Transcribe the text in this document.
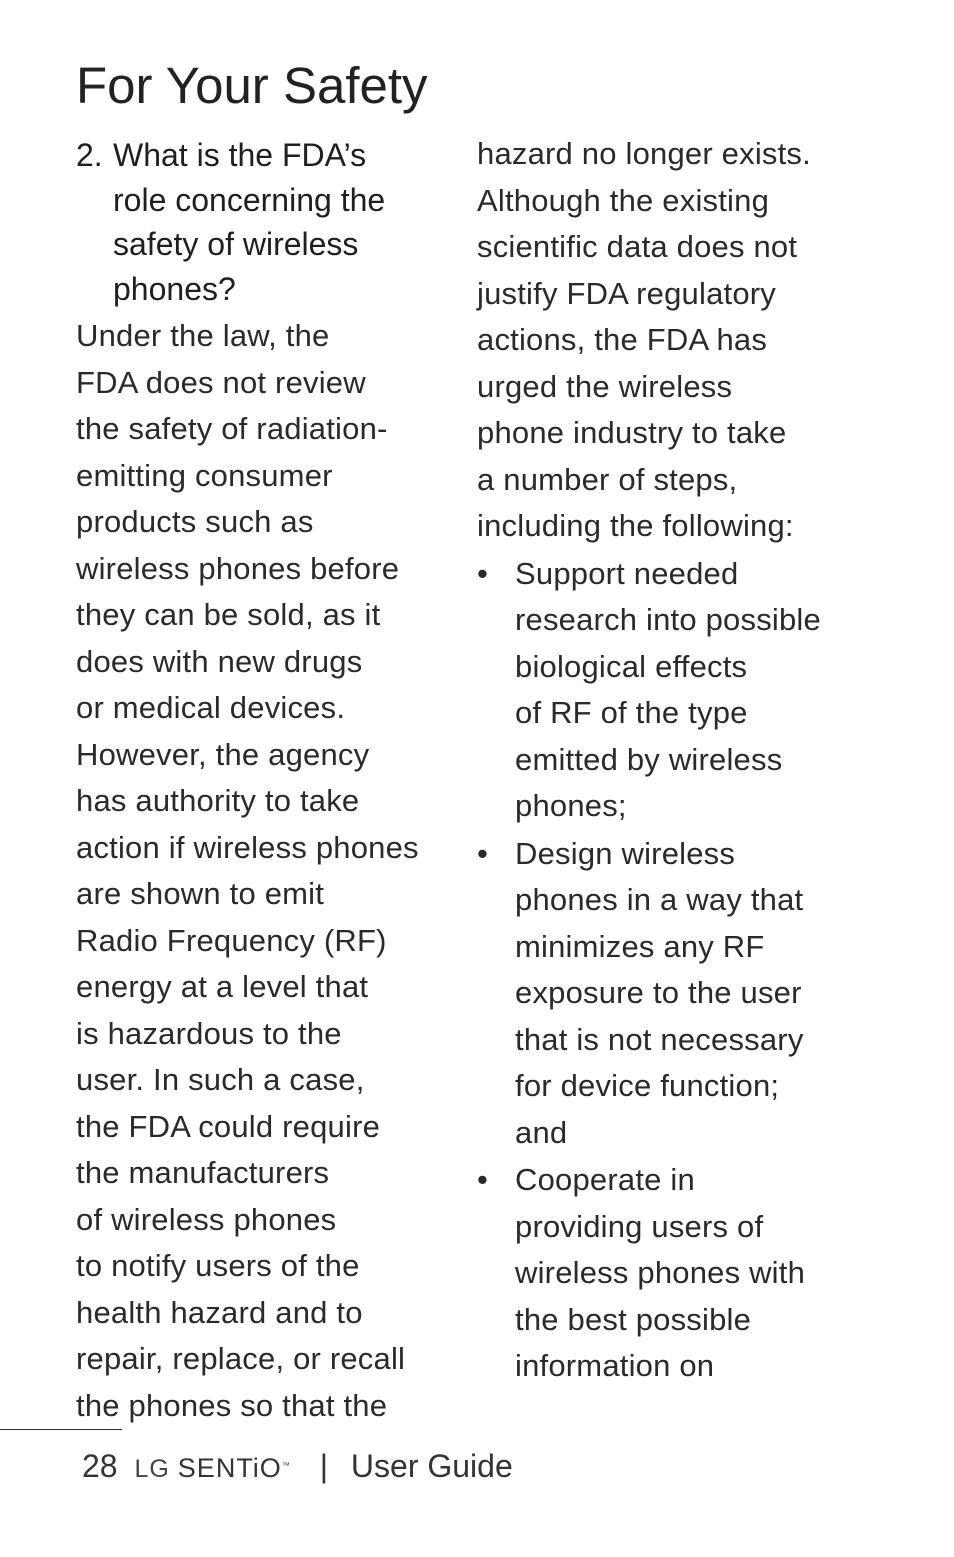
For Your Safety
2. What is the FDA’s
role concerning the
safety of wireless
phones?
Under the law, the
FDA does not review
the safety of radiation-
emitting consumer
products such as
wireless phones before
they can be sold, as it
does with new drugs
or medical devices.
However, the agency
has authority to take
action if wireless phones
are shown to emit
Radio Frequency (RF)
energy at a level that
is hazardous to the
user. In such a case,
the FDA could require
the manufacturers
of wireless phones
to notify users of the
health hazard and to
repair, replace, or recall
the phones so that the
hazard no longer exists.
Although the existing
scientific data does not
justify FDA regulatory
actions, the FDA has
urged the wireless
phone industry to take
a number of steps,
including the following:
• Support needed
research into possible
biological effects
of RF of the type
emitted by wireless
phones;
• Design wireless
phones in a way that
minimizes any RF
exposure to the user
that is not necessary
for device function;
and
• Cooperate in
providing users of
wireless phones with
the best possible
information on
28 LG SENTiO™ | User Guide
